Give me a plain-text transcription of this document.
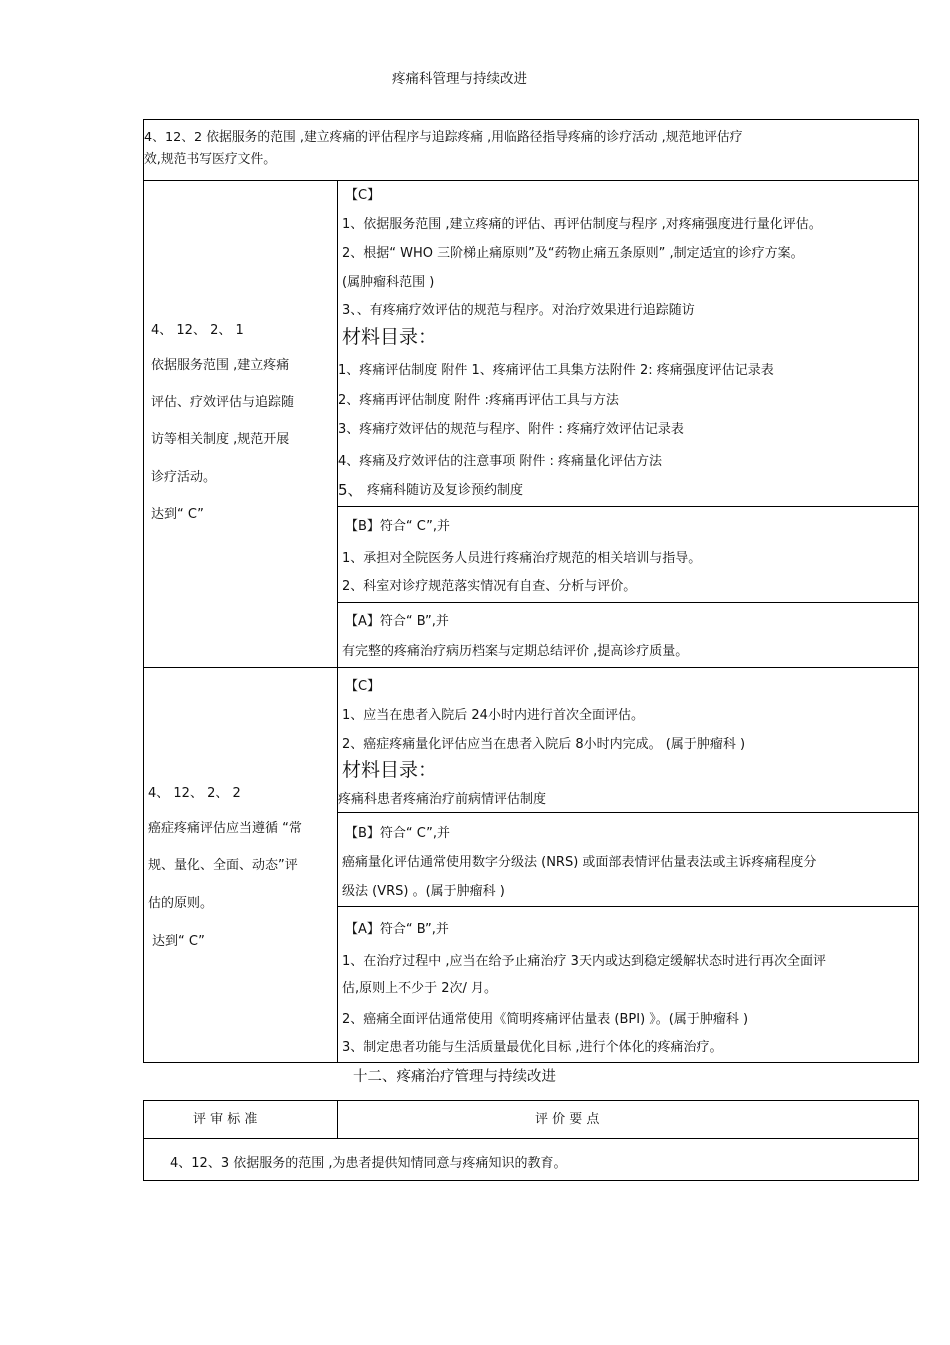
疼痛科管理与持续改进
4、12、2 依据服务的范围 ,建立疼痛的评估程序与追踪疼痛 ,用临路径指导疼痛的诊疗活动 ,规范地评估疗
效,规范书写医疗文件。
4、 12、 2、 1
依据服务范围 ,建立疼痛
评估、疗效评估与追踪随
访等相关制度 ,规范开展
诊疗活动。
达到“ C”
【C】
1、依据服务范围 ,建立疼痛的评估、再评估制度与程序 ,对疼痛强度进行量化评估。
2、根据“ WHO 三阶梯止痛原则”及“药物止痛五条原则” ,制定适宜的诊疗方案。
(属肿瘤科范围 )
3、、有疼痛疗效评估的规范与程序。对治疗效果进行追踪随访
材料目录：
1、疼痛评估制度 附件 1、疼痛评估工具集方法附件 2: 疼痛强度评估记录表
2、疼痛再评估制度 附件 :疼痛再评估工具与方法
3、疼痛疗效评估的规范与程序、附件 : 疼痛疗效评估记录表
4、疼痛及疗效评估的注意事项 附件 : 疼痛量化评估方法
5、 疼痛科随访及复诊预约制度
【B】符合“ C”,并
1、承担对全院医务人员进行疼痛治疗规范的相关培训与指导。
2、科室对诊疗规范落实情况有自查、分析与评价。
【A】符合“ B”,并
有完整的疼痛治疗病历档案与定期总结评价 ,提高诊疗质量。
4、 12、 2、 2
癌症疼痛评估应当遵循 “常
规、量化、全面、动态”评
估的原则。
达到“ C”
【C】
1、应当在患者入院后 24小时内进行首次全面评估。
2、癌症疼痛量化评估应当在患者入院后 8小时内完成。 (属于肿瘤科 )
材料目录：
疼痛科患者疼痛治疗前病情评估制度
【B】符合“ C”,并
癌痛量化评估通常使用数字分级法 (NRS) 或面部表情评估量表法或主诉疼痛程度分
级法 (VRS) 。(属于肿瘤科 )
【A】符合“ B”,并
1、在治疗过程中 ,应当在给予止痛治疗 3天内或达到稳定缓解状态时进行再次全面评
估,原则上不少于 2次/ 月。
2、癌痛全面评估通常使用《简明疼痛评估量表 (BPI) 》。(属于肿瘤科 )
3、制定患者功能与生活质量最优化目标 ,进行个体化的疼痛治疗。
十二、疼痛治疗管理与持续改进
评 审 标 准	评 价 要 点
4、12、3 依据服务的范围 ,为患者提供知情同意与疼痛知识的教育。
